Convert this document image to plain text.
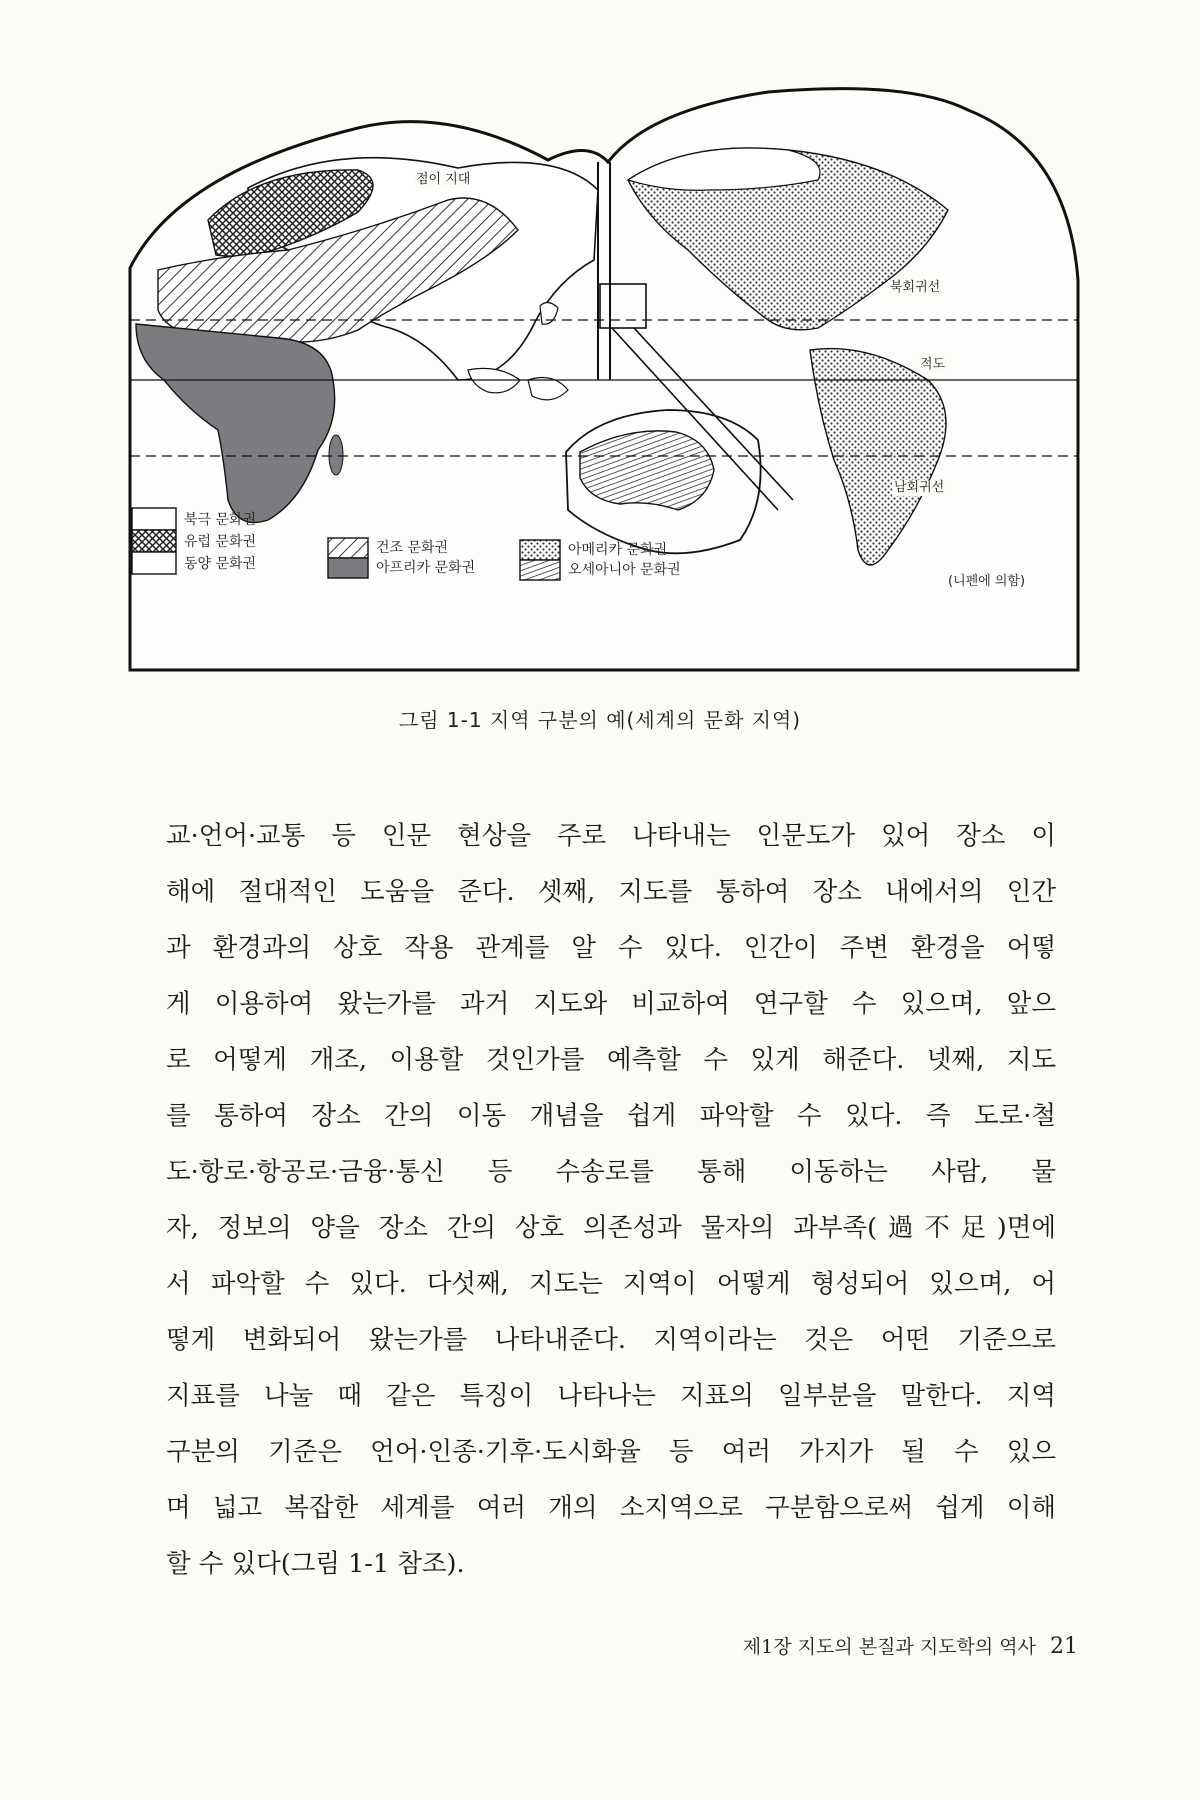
점이 지대
북회귀선
적도
남회귀선
북극 문화권
유럽 문화권
동양 문화권
건조 문화권
아프리카 문화권
아메리카 문화권
오세아니아 문화권
(니펜에 의함)
그림 1-1 지역 구분의 예(세계의 문화 지역)
교·언어·교통 등 인문 현상을 주로 나타내는 인문도가 있어 장소 이
해에 절대적인 도움을 준다. 셋째, 지도를 통하여 장소 내에서의 인간
과 환경과의 상호 작용 관계를 알 수 있다. 인간이 주변 환경을 어떻
게 이용하여 왔는가를 과거 지도와 비교하여 연구할 수 있으며, 앞으
로 어떻게 개조, 이용할 것인가를 예측할 수 있게 해준다. 넷째, 지도
를 통하여 장소 간의 이동 개념을 쉽게 파악할 수 있다. 즉 도로·철
도·항로·항공로·금융·통신 등 수송로를 통해 이동하는 사람, 물
자, 정보의 양을 장소 간의 상호 의존성과 물자의 과부족(過不足)면에
서 파악할 수 있다. 다섯째, 지도는 지역이 어떻게 형성되어 있으며, 어
떻게 변화되어 왔는가를 나타내준다. 지역이라는 것은 어떤 기준으로
지표를 나눌 때 같은 특징이 나타나는 지표의 일부분을 말한다. 지역
구분의 기준은 언어·인종·기후·도시화율 등 여러 가지가 될 수 있으
며 넓고 복잡한 세계를 여러 개의 소지역으로 구분함으로써 쉽게 이해
할 수 있다(그림 1-1 참조).
제1장 지도의 본질과 지도학의 역사 21
